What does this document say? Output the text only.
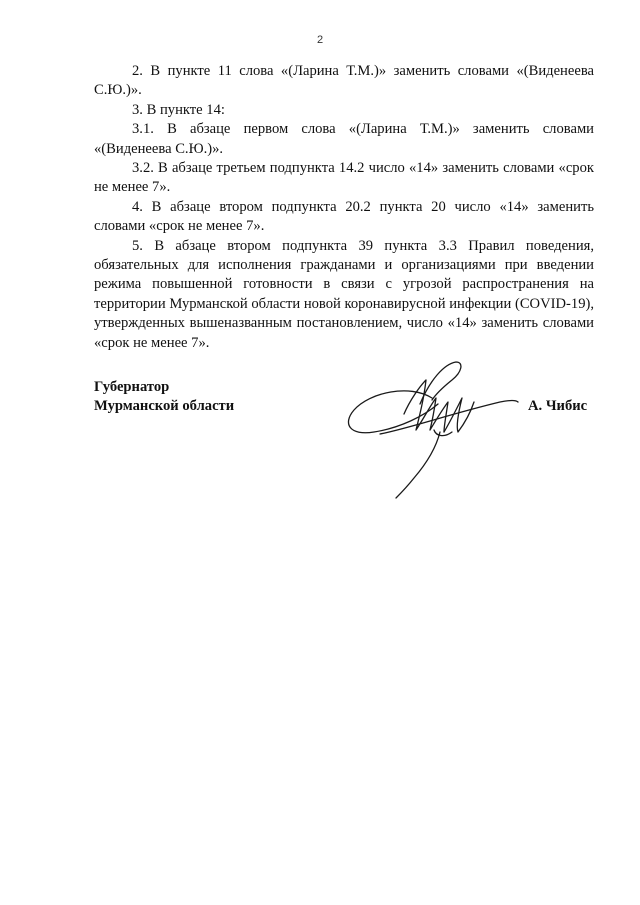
2

2. В пункте 11 слова «(Ларина Т.М.)» заменить словами «(Виденеева С.Ю.)».

3. В пункте 14:

3.1. В абзаце первом слова «(Ларина Т.М.)» заменить словами «(Виденеева С.Ю.)».

3.2. В абзаце третьем подпункта 14.2 число «14» заменить словами «срок не менее 7».

4. В абзаце втором подпункта 20.2 пункта 20 число «14» заменить словами «срок не менее 7».

5. В абзаце втором подпункта 39 пункта 3.3 Правил поведения, обязательных для исполнения гражданами и организациями при введении режима повышенной готовности в связи с угрозой распространения на территории Мурманской области новой коронавирусной инфекции (COVID-19), утвержденных вышеназванным постановлением, число «14» заменить словами «срок не менее 7».

Губернатор
Мурманской области	А. Чибис
